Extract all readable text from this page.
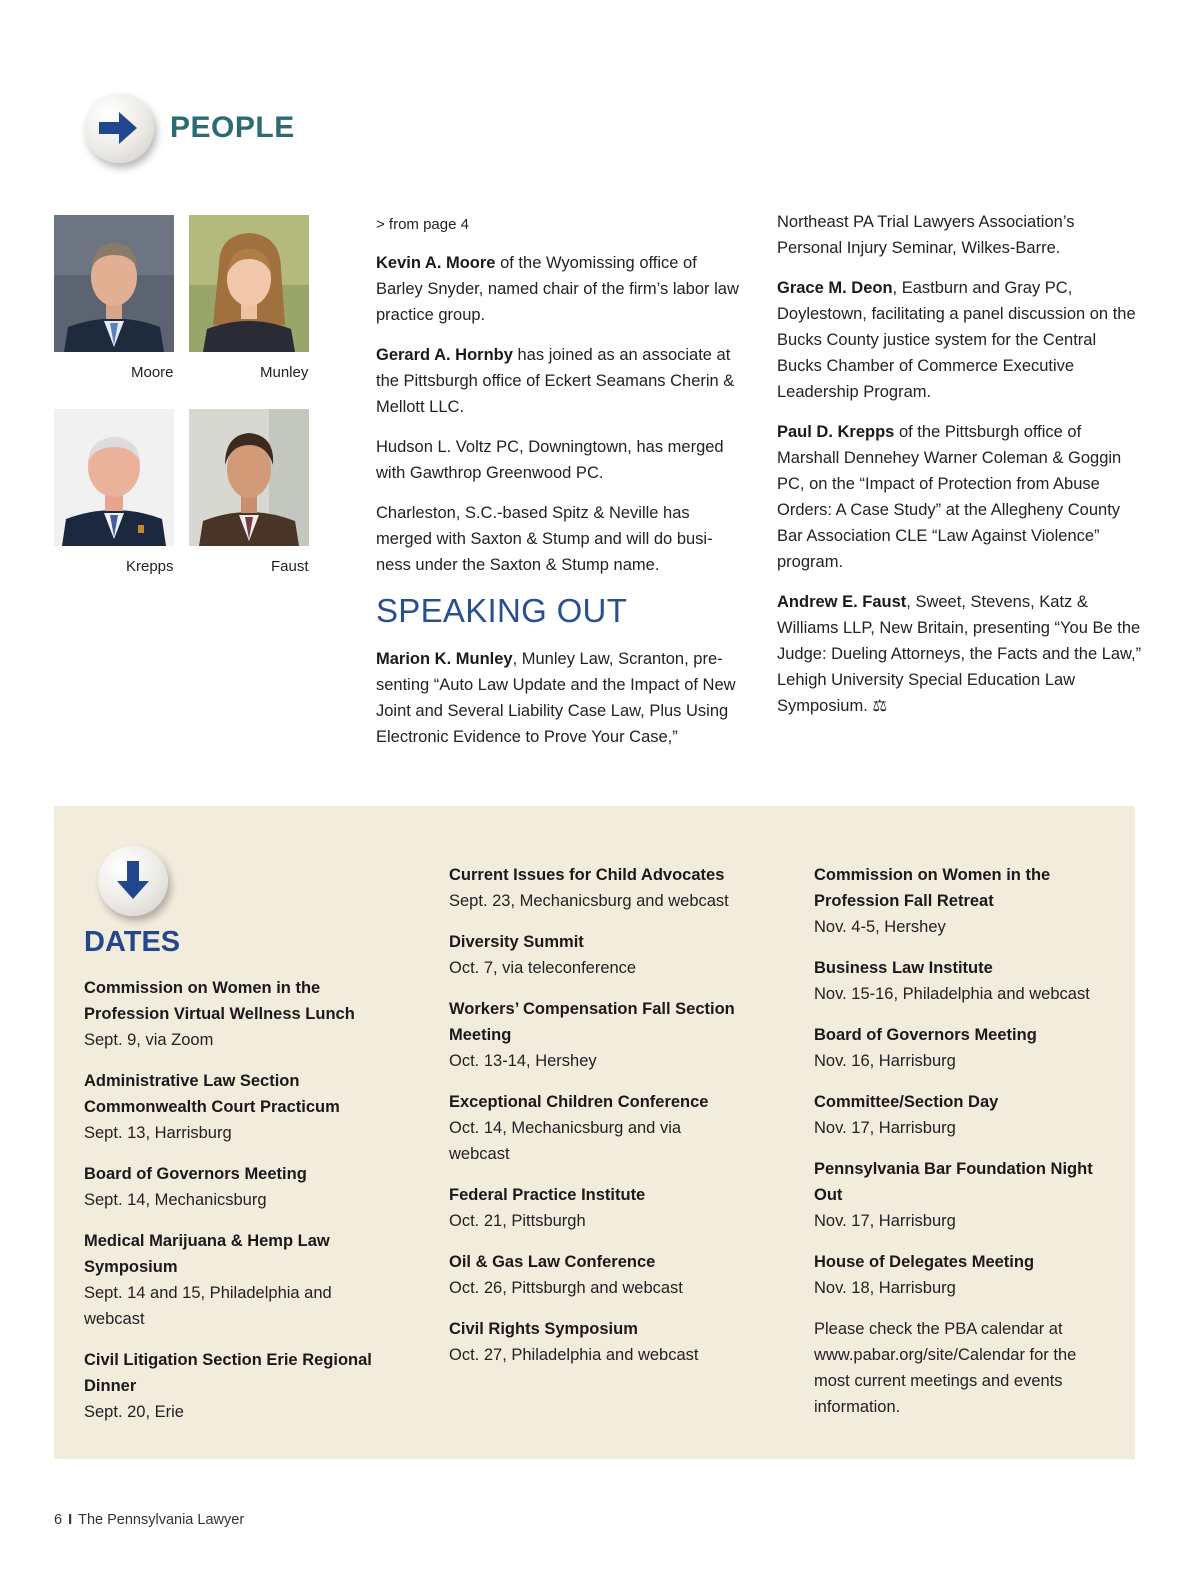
PEOPLE
Moore	Munley
Krepps	Faust

> from page 4

Kevin A. Moore of the Wyomissing office of Barley Snyder, named chair of the firm’s labor law practice group.

Gerard A. Hornby has joined as an associate at the Pittsburgh office of Eckert Seamans Cherin & Mellott LLC.

Hudson L. Voltz PC, Downingtown, has merged with Gawthrop Greenwood PC.

Charleston, S.C.-based Spitz & Neville has merged with Saxton & Stump and will do busi-ness under the Saxton & Stump name.

SPEAKING OUT

Marion K. Munley, Munley Law, Scranton, pre-senting “Auto Law Update and the Impact of New Joint and Several Liability Case Law, Plus Using Electronic Evidence to Prove Your Case,”

Northeast PA Trial Lawyers Association’s Personal Injury Seminar, Wilkes-Barre.

Grace M. Deon, Eastburn and Gray PC, Doylestown, facilitating a panel discussion on the Bucks County justice system for the Central Bucks Chamber of Commerce Executive Leadership Program.

Paul D. Krepps of the Pittsburgh office of Marshall Dennehey Warner Coleman & Goggin PC, on the “Impact of Protection from Abuse Orders: A Case Study” at the Allegheny County Bar Association CLE “Law Against Violence” program.

Andrew E. Faust, Sweet, Stevens, Katz & Williams LLP, New Britain, presenting “You Be the Judge: Dueling Attorneys, the Facts and the Law,” Lehigh University Special Education Law Symposium. ⚖

DATES
Commission on Women in the Profession Virtual Wellness Lunch
Sept. 9, via Zoom
Administrative Law Section Commonwealth Court Practicum
Sept. 13, Harrisburg
Board of Governors Meeting
Sept. 14, Mechanicsburg
Medical Marijuana & Hemp Law Symposium
Sept. 14 and 15, Philadelphia and webcast
Civil Litigation Section Erie Regional Dinner
Sept. 20, Erie
Current Issues for Child Advocates
Sept. 23, Mechanicsburg and webcast
Diversity Summit
Oct. 7, via teleconference
Workers’ Compensation Fall Section Meeting
Oct. 13-14, Hershey
Exceptional Children Conference
Oct. 14, Mechanicsburg and via webcast
Federal Practice Institute
Oct. 21, Pittsburgh
Oil & Gas Law Conference
Oct. 26, Pittsburgh and webcast
Civil Rights Symposium
Oct. 27, Philadelphia and webcast
Commission on Women in the Profession Fall Retreat
Nov. 4-5, Hershey
Business Law Institute
Nov. 15-16, Philadelphia and webcast
Board of Governors Meeting
Nov. 16, Harrisburg
Committee/Section Day
Nov. 17, Harrisburg
Pennsylvania Bar Foundation Night Out
Nov. 17, Harrisburg
House of Delegates Meeting
Nov. 18, Harrisburg
Please check the PBA calendar at www.pabar.org/site/Calendar for the most current meetings and events information.
6 I The Pennsylvania Lawyer
